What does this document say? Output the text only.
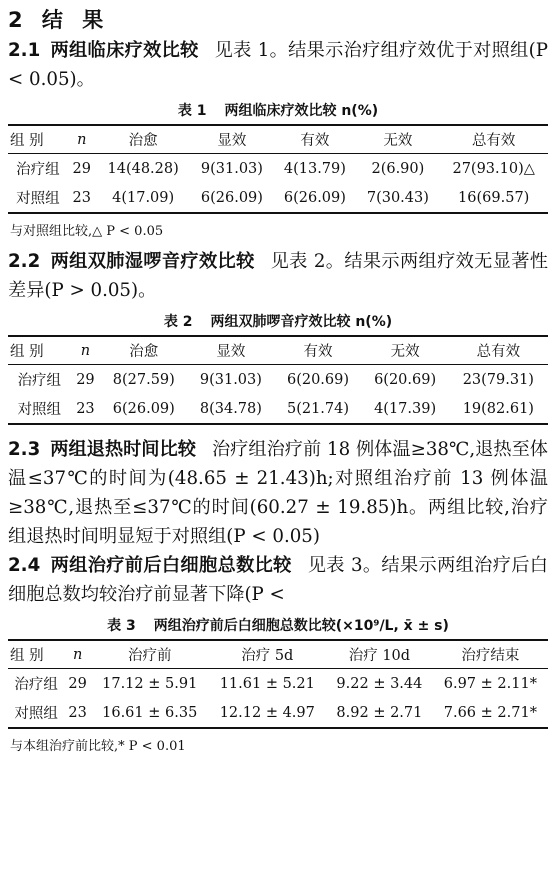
2 结 果

2.1 两组临床疗效比较 见表 1。结果示治疗组疗效优于对照组(P < 0.05)。

表 1 两组临床疗效比较 n(%)
组 别	n	治愈	显效	有效	无效	总有效
治疗组	29	14(48.28)	9(31.03)	4(13.79)	2(6.90)	27(93.10)△
对照组	23	4(17.09)	6(26.09)	6(26.09)	7(30.43)	16(69.57)
与对照组比较,△ P < 0.05

2.2 两组双肺湿啰音疗效比较 见表 2。结果示两组疗效无显著性差异(P > 0.05)。

表 2 两组双肺啰音疗效比较 n(%)
组 别	n	治愈	显效	有效	无效	总有效
治疗组	29	8(27.59)	9(31.03)	6(20.69)	6(20.69)	23(79.31)
对照组	23	6(26.09)	8(34.78)	5(21.74)	4(17.39)	19(82.61)

2.3 两组退热时间比较 治疗组治疗前 18 例体温≥38℃,退热至体温≤37℃的时间为(48.65 ± 21.43)h;对照组治疗前 13 例体温≥38℃,退热至≤37℃的时间(60.27 ± 19.85)h。两组比较,治疗组退热时间明显短于对照组(P < 0.05)

2.4 两组治疗前后白细胞总数比较 见表 3。结果示两组治疗后白细胞总数均较治疗前显著下降(P <

表 3 两组治疗前后白细胞总数比较(×10⁹/L, x̄ ± s)
组 别	n	治疗前	治疗 5d	治疗 10d	治疗结束
治疗组	29	17.12 ± 5.91	11.61 ± 5.21	9.22 ± 3.44	6.97 ± 2.11*
对照组	23	16.61 ± 6.35	12.12 ± 4.97	8.92 ± 2.71	7.66 ± 2.71*
与本组治疗前比较,* P < 0.01
